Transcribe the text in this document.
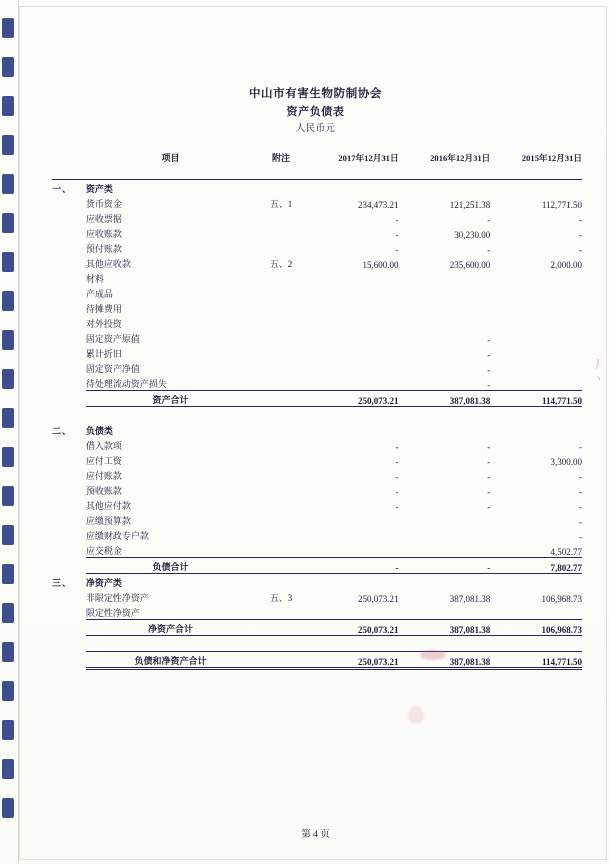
中山市有害生物防制协会
资产负债表
人民币元
	项目	附注	2017年12月31日	2016年12月31日	2015年12月31日

一、	资产类				
	货币资金	五、1	234,473.21	121,251.38	112,771.50
	应收票据		-	-	-
	应收账款		-	30,230.00	-
	预付账款		-	-	-
	其他应收款	五、2	15,600.00	235,600.00	2,000.00
	材料				
	产成品				
	待摊费用				
	对外投资				
	固定资产原值			-	
	累计折旧			-	
	固定资产净值			-	
	待处理流动资产损失			-	
	资产合计		250,073.21	387,081.38	114,771.50

二、	负债类				
	借入款项		-	-	-
	应付工资		-	-	3,300.00
	应付账款		-	-	-
	预收账款		-	-	-
	其他应付款		-	-	-
	应缴预算款				-
	应缴财政专户款				-
	应交税金				4,502.77
	负债合计		-	-	7,802.77
三、	净资产类				
	非限定性净资产	五、3	250,073.21	387,081.38	106,968.73
	限定性净资产				
	净资产合计		250,073.21	387,081.38	106,968.73

	负债和净资产合计		250,073.21	387,081.38	114,771.50
第 4 页
丿
丶
